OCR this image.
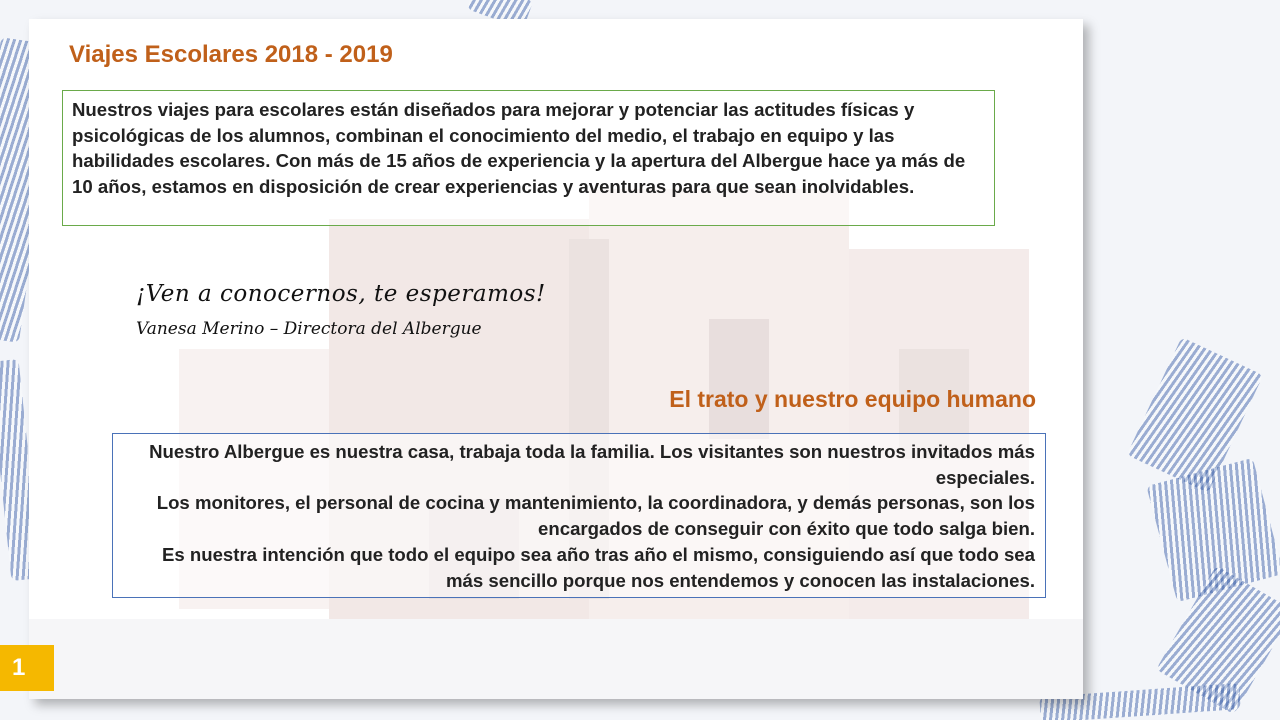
Viajes Escolares 2018 - 2019

Nuestros viajes para escolares están diseñados para mejorar y potenciar las actitudes físicas y psicológicas de los alumnos, combinan el conocimiento del medio, el trabajo en equipo y las habilidades escolares. Con más de 15 años de experiencia y la apertura del Albergue hace ya más de 10 años, estamos en disposición de crear experiencias y aventuras para que sean inolvidables.

¡Ven a conocernos, te esperamos!
Vanesa Merino – Directora del Albergue
El trato y nuestro equipo humano

Nuestro Albergue es nuestra casa, trabaja toda la familia. Los visitantes son nuestros invitados más especiales.

Los monitores, el personal de cocina y mantenimiento, la coordinadora, y demás personas, son los encargados de conseguir con éxito que todo salga bien.

Es nuestra intención que todo el equipo sea año tras año el mismo, consiguiendo así que todo sea más sencillo porque nos entendemos y conocen las instalaciones.

1
